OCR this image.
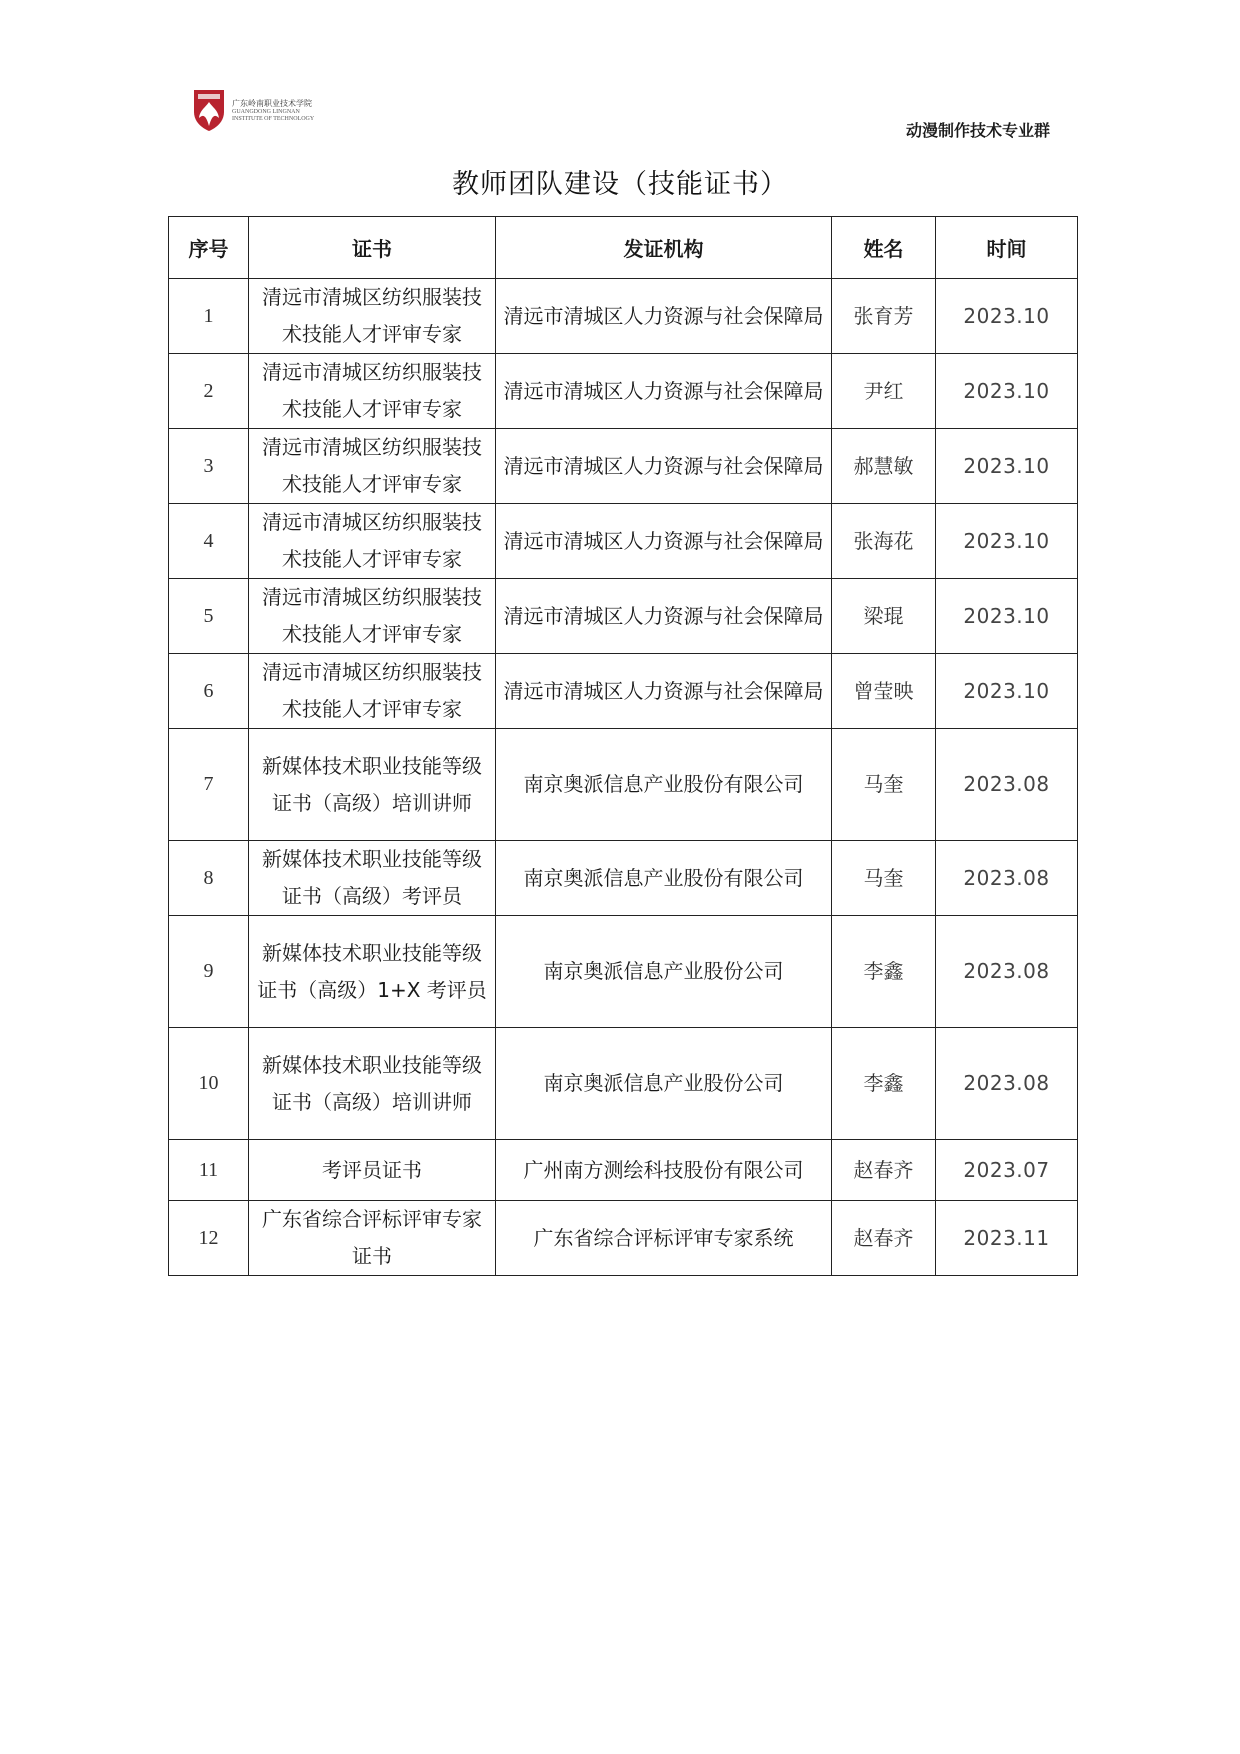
广东岭南职业技术学院
GUANGDONG LINGNAN INSTITUTE OF TECHNOLOGY
动漫制作技术专业群
教师团队建设（技能证书）
序号	证书	发证机构	姓名	时间
1	清远市清城区纺织服装技术技能人才评审专家	清远市清城区人力资源与社会保障局	张育芳	2023.10
2	清远市清城区纺织服装技术技能人才评审专家	清远市清城区人力资源与社会保障局	尹红	2023.10
3	清远市清城区纺织服装技术技能人才评审专家	清远市清城区人力资源与社会保障局	郝慧敏	2023.10
4	清远市清城区纺织服装技术技能人才评审专家	清远市清城区人力资源与社会保障局	张海花	2023.10
5	清远市清城区纺织服装技术技能人才评审专家	清远市清城区人力资源与社会保障局	梁琨	2023.10
6	清远市清城区纺织服装技术技能人才评审专家	清远市清城区人力资源与社会保障局	曾莹映	2023.10
7	新媒体技术职业技能等级证书（高级）培训讲师	南京奥派信息产业股份有限公司	马奎	2023.08
8	新媒体技术职业技能等级证书（高级）考评员	南京奥派信息产业股份有限公司	马奎	2023.08
9	新媒体技术职业技能等级证书（高级）1+X 考评员	南京奥派信息产业股份公司	李鑫	2023.08
10	新媒体技术职业技能等级证书（高级）培训讲师	南京奥派信息产业股份公司	李鑫	2023.08
11	考评员证书	广州南方测绘科技股份有限公司	赵春齐	2023.07
12	广东省综合评标评审专家证书	广东省综合评标评审专家系统	赵春齐	2023.11
